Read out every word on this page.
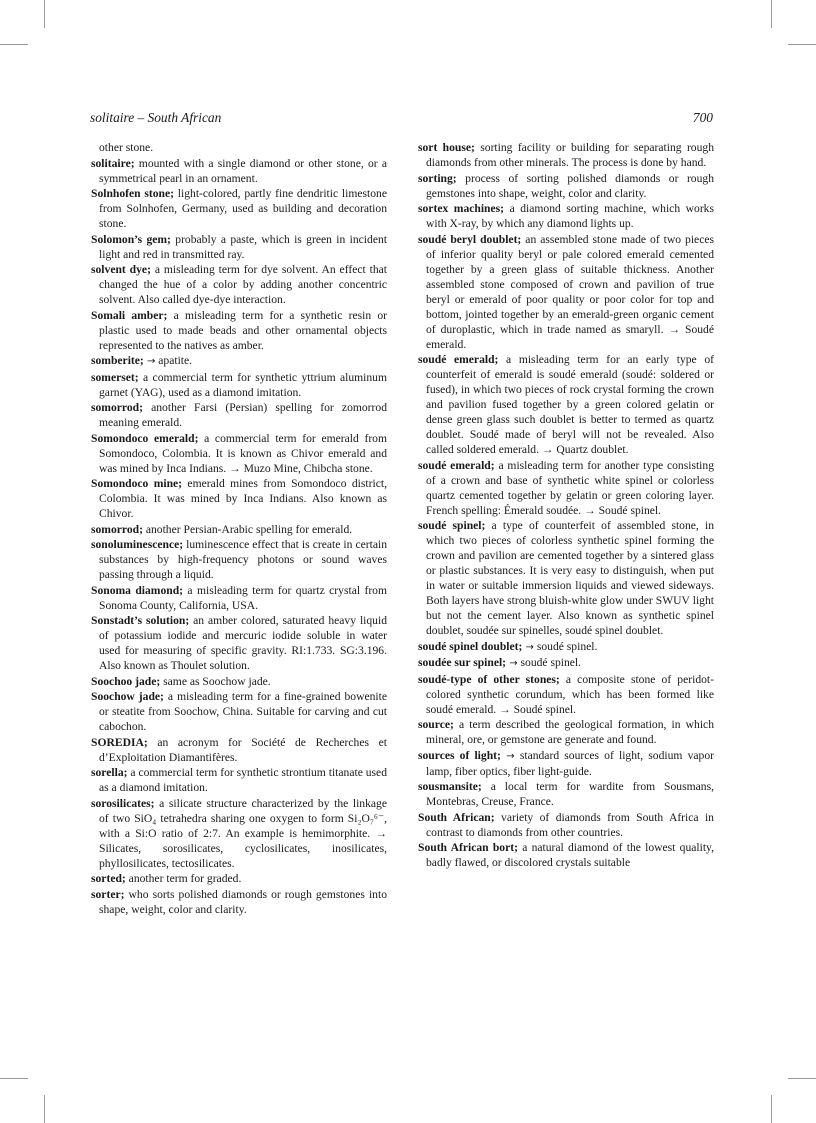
solitaire – South African	700
other stone.
solitaire; mounted with a single diamond or other stone, or a symmetrical pearl in an ornament.
Solnhofen stone; light-colored, partly fine dendritic limestone from Solnhofen, Germany, used as building and decoration stone.
Solomon’s gem; probably a paste, which is green in incident light and red in transmitted ray.
solvent dye; a misleading term for dye solvent. An effect that changed the hue of a color by adding another concentric solvent. Also called dye-dye interaction.
Somali amber; a misleading term for a synthetic resin or plastic used to made beads and other ornamental objects represented to the natives as amber.
somberite; → apatite.
somerset; a commercial term for synthetic yttrium aluminum garnet (YAG), used as a diamond imitation.
somorrod; another Farsi (Persian) spelling for zomorrod meaning emerald.
Somondoco emerald; a commercial term for emerald from Somondoco, Colombia. It is known as Chivor emerald and was mined by Inca Indians. → Muzo Mine, Chibcha stone.
Somondoco mine; emerald mines from Somondoco district, Colombia. It was mined by Inca Indians. Also known as Chivor.
somorrod; another Persian-Arabic spelling for emerald.
sonoluminescence; luminescence effect that is create in certain substances by high-frequency photons or sound waves passing through a liquid.
Sonoma diamond; a misleading term for quartz crystal from Sonoma County, California, USA.
Sonstadt’s solution; an amber colored, saturated heavy liquid of potassium iodide and mercuric iodide soluble in water used for measuring of specific gravity. RI:1.733. SG:3.196. Also known as Thoulet solution.
Soochoo jade; same as Soochow jade.
Soochow jade; a misleading term for a fine-grained bowenite or steatite from Soochow, China. Suitable for carving and cut cabochon.
SOREDIA; an acronym for Société de Recherches et d’Exploitation Diamantifères.
sorella; a commercial term for synthetic strontium titanate used as a diamond imitation.
sorosilicates; a silicate structure characterized by the linkage of two SiO₄ tetrahedra sharing one oxygen to form Si₂O₇⁶⁻, with a Si:O ratio of 2:7. An example is hemimorphite. → Silicates, sorosilicates, cyclosilicates, inosilicates, phyllosilicates, tectosilicates.
sorted; another term for graded.
sorter; who sorts polished diamonds or rough gemstones into shape, weight, color and clarity.
sort house; sorting facility or building for separating rough diamonds from other minerals. The process is done by hand.
sorting; process of sorting polished diamonds or rough gemstones into shape, weight, color and clarity.
sortex machines; a diamond sorting machine, which works with X-ray, by which any diamond lights up.
soudé beryl doublet; an assembled stone made of two pieces of inferior quality beryl or pale colored emerald cemented together by a green glass of suitable thickness. Another assembled stone composed of crown and pavilion of true beryl or emerald of poor quality or poor color for top and bottom, jointed together by an emerald-green organic cement of duroplastic, which in trade named as smaryll. → Soudé emerald.
soudé emerald; a misleading term for an early type of counterfeit of emerald is soudé emerald (soudé: soldered or fused), in which two pieces of rock crystal forming the crown and pavilion fused together by a green colored gelatin or dense green glass such doublet is better to termed as quartz doublet. Soudé made of beryl will not be revealed. Also called soldered emerald. → Quartz doublet.
soudé emerald; a misleading term for another type consisting of a crown and base of synthetic white spinel or colorless quartz cemented together by gelatin or green coloring layer. French spelling: Émerald soudée. → Soudé spinel.
soudé spinel; a type of counterfeit of assembled stone, in which two pieces of colorless synthetic spinel forming the crown and pavilion are cemented together by a sintered glass or plastic substances. It is very easy to distinguish, when put in water or suitable immersion liquids and viewed sideways. Both layers have strong bluish-white glow under SWUV light but not the cement layer. Also known as synthetic spinel doublet, soudée sur spinelles, soudé spinel doublet.
soudé spinel doublet; → soudé spinel.
soudée sur spinel; → soudé spinel.
soudé-type of other stones; a composite stone of peridot-colored synthetic corundum, which has been formed like soudé emerald. → Soudé spinel.
source; a term described the geological formation, in which mineral, ore, or gemstone are generate and found.
sources of light; → standard sources of light, sodium vapor lamp, fiber optics, fiber light-guide.
sousmansite; a local term for wardite from Sousmans, Montebras, Creuse, France.
South African; variety of diamonds from South Africa in contrast to diamonds from other countries.
South African bort; a natural diamond of the lowest quality, badly flawed, or discolored crystals suitable
